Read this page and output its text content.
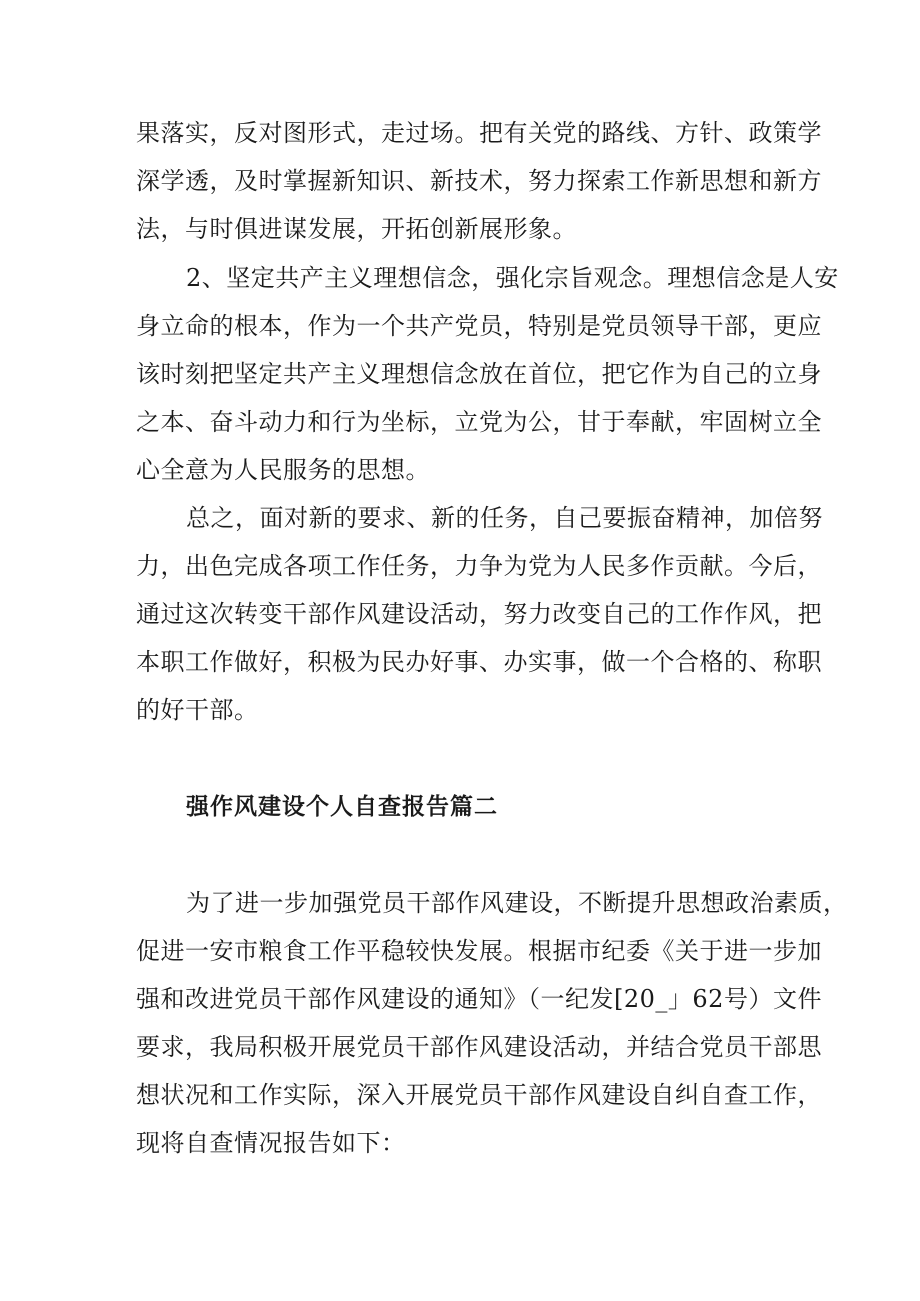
果落实，反对图形式，走过场。把有关党的路线、方针、政策学
深学透，及时掌握新知识、新技术，努力探索工作新思想和新方
法，与时俱进谋发展，开拓创新展形象。
2、坚定共产主义理想信念，强化宗旨观念。理想信念是人安
身立命的根本，作为一个共产党员，特别是党员领导干部，更应
该时刻把坚定共产主义理想信念放在首位，把它作为自己的立身
之本、奋斗动力和行为坐标，立党为公，甘于奉献，牢固树立全
心全意为人民服务的思想。
总之，面对新的要求、新的任务，自己要振奋精神，加倍努
力，出色完成各项工作任务，力争为党为人民多作贡献。今后，
通过这次转变干部作风建设活动，努力改变自己的工作作风，把
本职工作做好，积极为民办好事、办实事，做一个合格的、称职
的好干部。
强作风建设个人自查报告篇二
为了进一步加强党员干部作风建设，不断提升思想政治素质，
促进一安市粮食工作平稳较快发展。根据市纪委《关于进一步加
强和改进党员干部作风建设的通知》（一纪发[20_」62号）文件
要求，我局积极开展党员干部作风建设活动，并结合党员干部思
想状况和工作实际，深入开展党员干部作风建设自纠自查工作，
现将自查情况报告如下：
